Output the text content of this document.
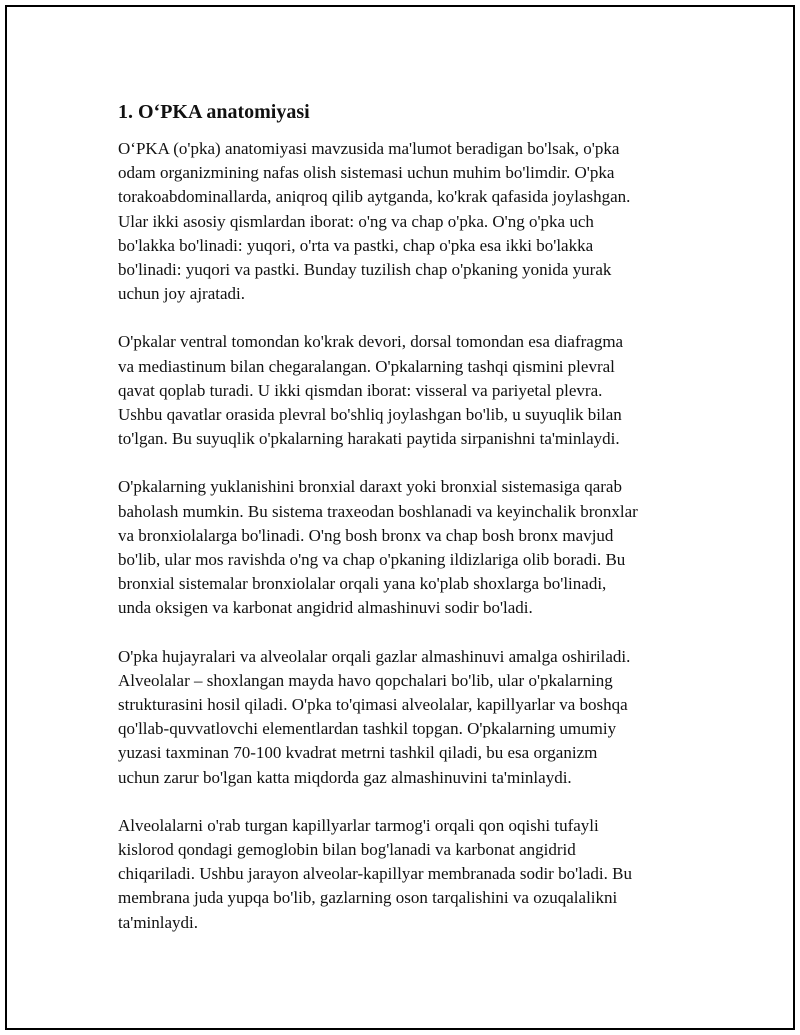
1. O‘PKA anatomiyasi

O‘PKA (o'pka) anatomiyasi mavzusida ma'lumot beradigan bo'lsak, o'pka
odam organizmining nafas olish sistemasi uchun muhim bo'limdir. O'pka
torakoabdominallarda, aniqroq qilib aytganda, ko'krak qafasida joylashgan.
Ular ikki asosiy qismlardan iborat: o'ng va chap o'pka. O'ng o'pka uch
bo'lakka bo'linadi: yuqori, o'rta va pastki, chap o'pka esa ikki bo'lakka
bo'linadi: yuqori va pastki. Bunday tuzilish chap o'pkaning yonida yurak
uchun joy ajratadi.

O'pkalar ventral tomondan ko'krak devori, dorsal tomondan esa diafragma
va mediastinum bilan chegaralangan. O'pkalarning tashqi qismini plevral
qavat qoplab turadi. U ikki qismdan iborat: visseral va pariyetal plevra.
Ushbu qavatlar orasida plevral bo'shliq joylashgan bo'lib, u suyuqlik bilan
to'lgan. Bu suyuqlik o'pkalarning harakati paytida sirpanishni ta'minlaydi.

O'pkalarning yuklanishini bronxial daraxt yoki bronxial sistemasiga qarab
baholash mumkin. Bu sistema traxeodan boshlanadi va keyinchalik bronxlar
va bronxiolalarga bo'linadi. O'ng bosh bronx va chap bosh bronx mavjud
bo'lib, ular mos ravishda o'ng va chap o'pkaning ildizlariga olib boradi. Bu
bronxial sistemalar bronxiolalar orqali yana ko'plab shoxlarga bo'linadi,
unda oksigen va karbonat angidrid almashinuvi sodir bo'ladi.

O'pka hujayralari va alveolalar orqali gazlar almashinuvi amalga oshiriladi.
Alveolalar – shoxlangan mayda havo qopchalari bo'lib, ular o'pkalarning
strukturasini hosil qiladi. O'pka to'qimasi alveolalar, kapillyarlar va boshqa
qo'llab-quvvatlovchi elementlardan tashkil topgan. O'pkalarning umumiy
yuzasi taxminan 70-100 kvadrat metrni tashkil qiladi, bu esa organizm
uchun zarur bo'lgan katta miqdorda gaz almashinuvini ta'minlaydi.

Alveolalarni o'rab turgan kapillyarlar tarmog'i orqali qon oqishi tufayli
kislorod qondagi gemoglobin bilan bog'lanadi va karbonat angidrid
chiqariladi. Ushbu jarayon alveolar-kapillyar membranada sodir bo'ladi. Bu
membrana juda yupqa bo'lib, gazlarning oson tarqalishini va ozuqalalikni
ta'minlaydi.
